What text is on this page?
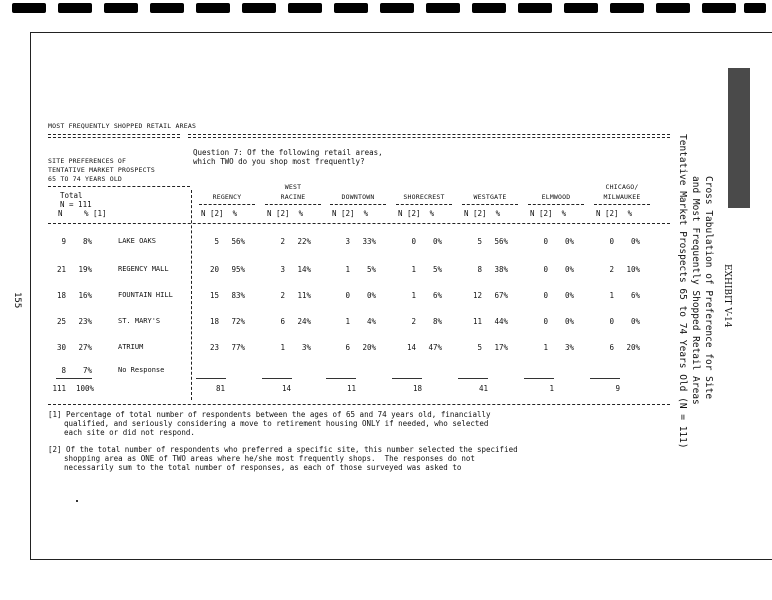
155
MOST FREQUENTLY SHOPPED RETAIL AREAS
SITE PREFERENCES OF
TENTATIVE MARKET PROSPECTS
65 TO 74 YEARS OLD
Question 7: Of the following retail areas,
which TWO do you shop most frequently?
Total
N = 111
N	% [1]
REGENCY
N [2]  %
WEST
RACINE
N [2]  %
DOWNTOWN
N [2]  %
SHORECREST
N [2]  %
WESTGATE
N [2]  %
ELMWOOD
N [2]  %
CHICAGO/
MILWAUKEE
N [2]  %
9	8%	LAKE OAKS	5	56%	2	22%	3	33%	0	0%	5	56%	0	0%	0	0%
21	19%	REGENCY MALL	20	95%	3	14%	1	5%	1	5%	8	38%	0	0%	2	10%
18	16%	FOUNTAIN HILL	15	83%	2	11%	0	0%	1	6%	12	67%	0	0%	1	6%
25	23%	ST. MARY'S	18	72%	6	24%	1	4%	2	8%	11	44%	0	0%	0	0%
30	27%	ATRIUM	23	77%	1	3%	6	20%	14	47%	5	17%	1	3%	6	20%
8	7%	No Response
111	100%	81	14	11	18	41	1	9
[1] Percentage of total number of respondents between the ages of 65 and 74 years old, financially
qualified, and seriously considering a move to retirement housing ONLY if needed, who selected
each site or did not respond.
[2] Of the total number of respondents who preferred a specific site, this number selected the specified
shopping area as ONE of TWO areas where he/she most frequently shops.  The responses do not
necessarily sum to the total number of responses, as each of those surveyed was asked to
EXHIBIT V-14
Cross Tabulation of Preference for Site
and Most Frequently Shopped Retail Areas
Tentative Market Prospects 65 to 74 Years Old (N = 111)
